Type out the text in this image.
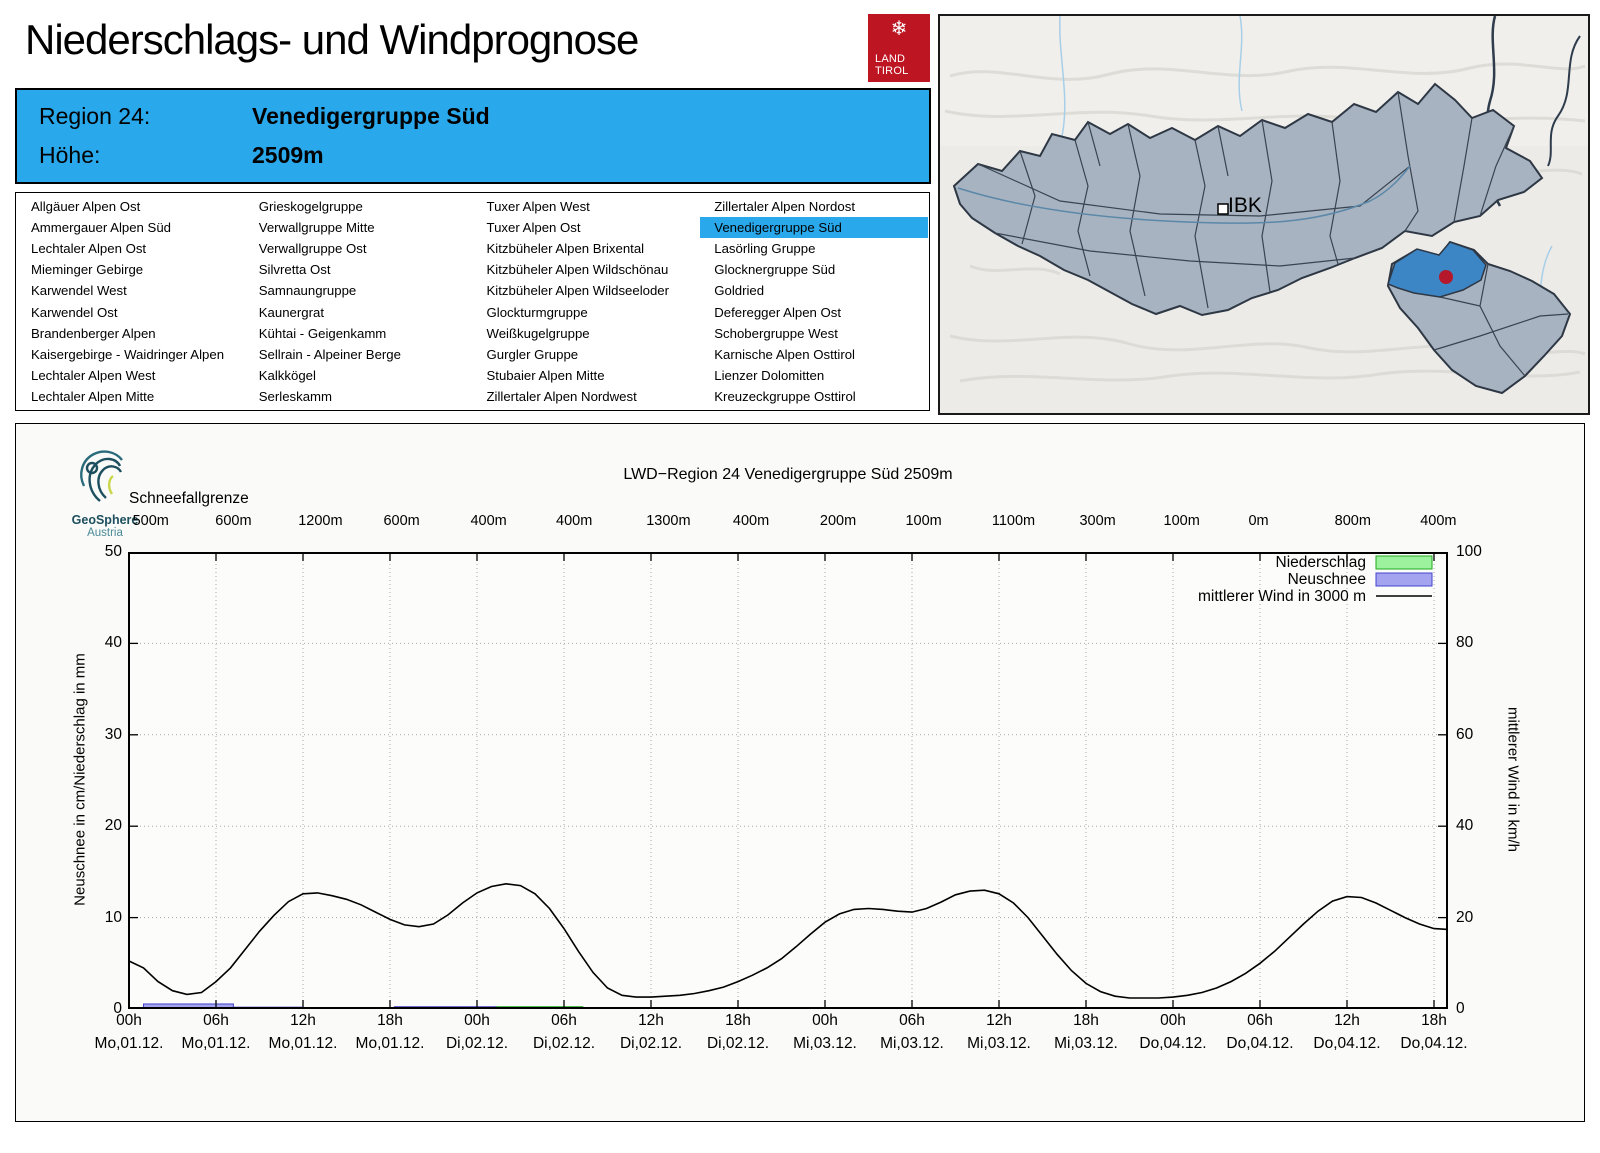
Niederschlags- und Windprognose	❄
LAND
TIROL
Region 24:	Venedigergruppe Süd
Höhe:	2509m
Allgäuer Alpen Ost
Ammergauer Alpen Süd
Lechtaler Alpen Ost
Mieminger Gebirge
Karwendel West
Karwendel Ost
Brandenberger Alpen
Kaisergebirge - Waidringer Alpen
Lechtaler Alpen West
Lechtaler Alpen Mitte
Grieskogelgruppe
Verwallgruppe Mitte
Verwallgruppe Ost
Silvretta Ost
Samnaungruppe
Kaunergrat
Kühtai - Geigenkamm
Sellrain - Alpeiner Berge
Kalkkögel
Serleskamm
Tuxer Alpen West
Tuxer Alpen Ost
Kitzbüheler Alpen Brixental
Kitzbüheler Alpen Wildschönau
Kitzbüheler Alpen Wildseeloder
Glockturmgruppe
Weißkugelgruppe
Gurgler Gruppe
Stubaier Alpen Mitte
Zillertaler Alpen Nordwest
Zillertaler Alpen Nordost
Venedigergruppe Süd
Lasörling Gruppe
Glocknergruppe Süd
Goldried
Deferegger Alpen Ost
Schobergruppe West
Karnische Alpen Osttirol
Lienzer Dolomitten
Kreuzeckgruppe Osttirol
IBK
GeoSphere
Austria
LWD−Region 24 Venedigergruppe Süd 2509m
Schneefallgrenze
Neuschnee in cm/Niederschlag in mm	mittlerer Wind in km/h
Niederschlag
Neuschnee
mittlerer Wind in 3000 m
500m	600m	1200m	600m	400m	400m	1300m	400m	200m	100m	1100m	300m	100m	0m	800m	400m
00h
Mo,01.12.
06h
Mo,01.12.
12h
Mo,01.12.
18h
Mo,01.12.
00h
Di,02.12.
06h
Di,02.12.
12h
Di,02.12.
18h
Di,02.12.
00h
Mi,03.12.
06h
Mi,03.12.
12h
Mi,03.12.
18h
Mi,03.12.
00h
Do,04.12.
06h
Do,04.12.
12h
Do,04.12.
18h
Do,04.12.
0
10
20
30
40
50
0
20
40
60
80
100
